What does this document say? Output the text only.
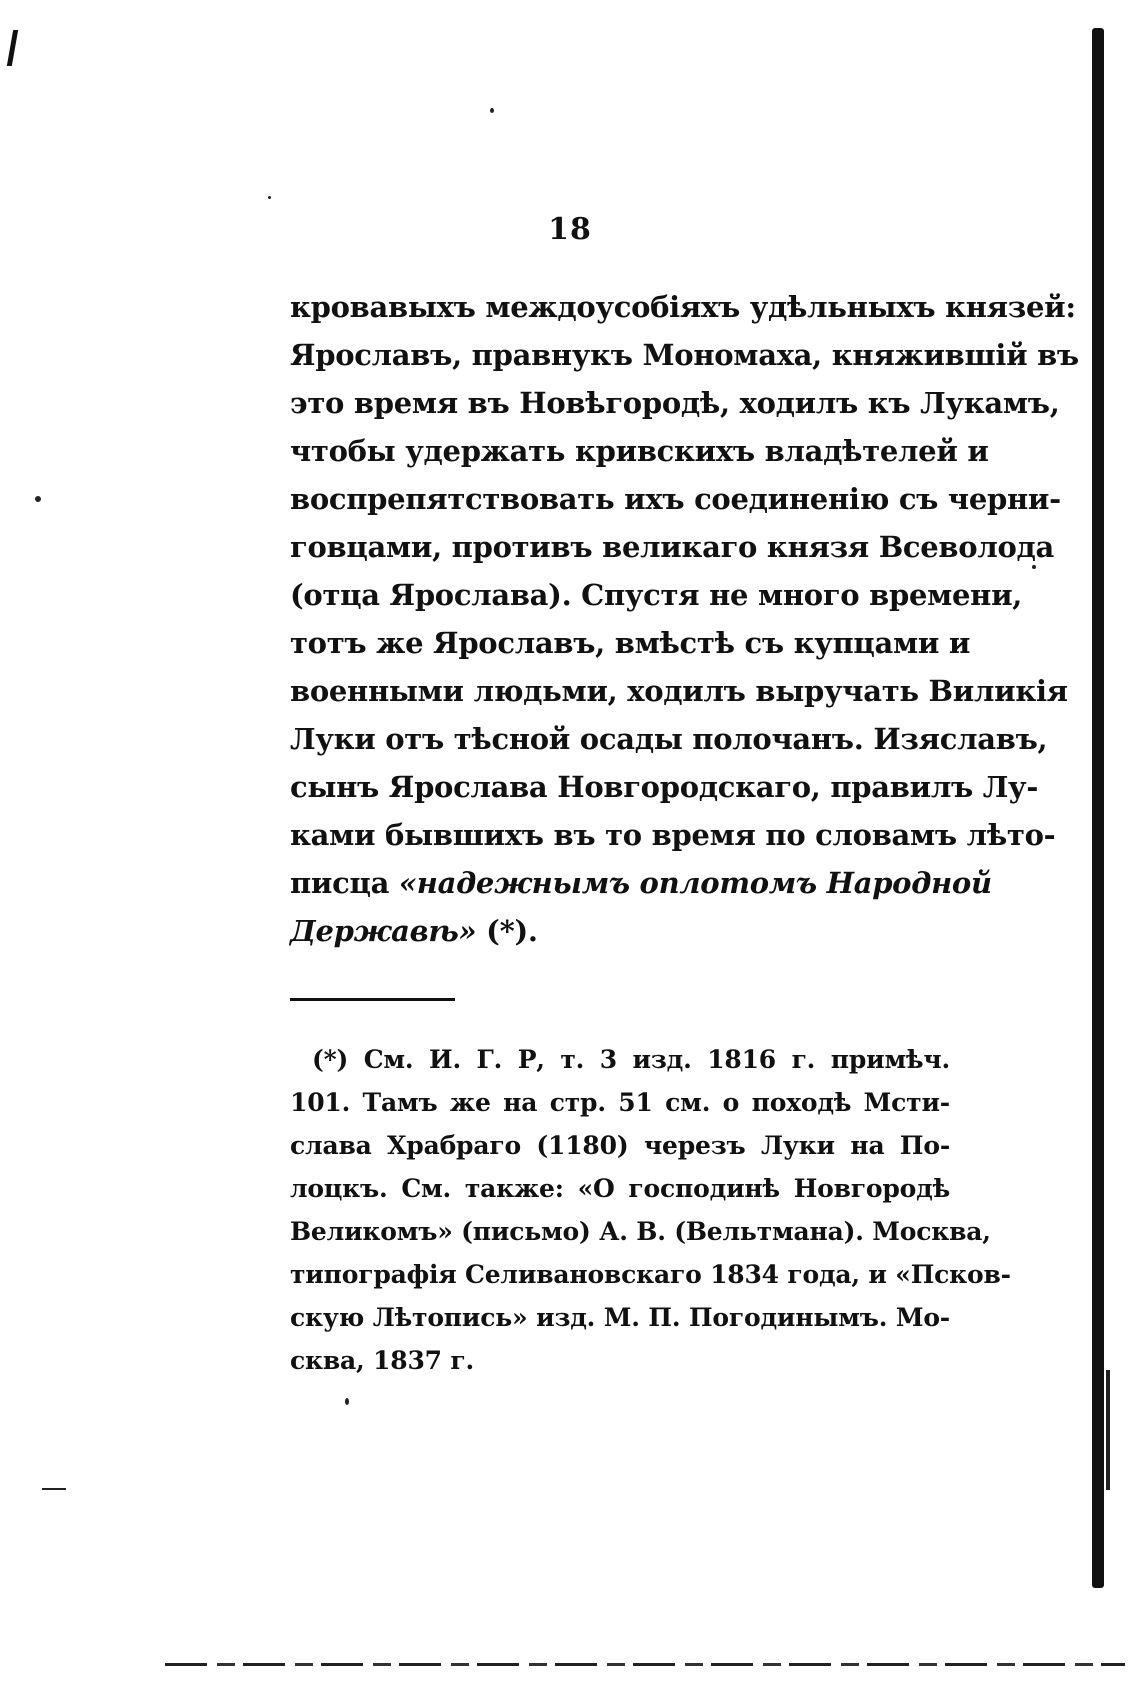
18
кровавыхъ междоусобіяхъ удѣльныхъ князей:
Ярославъ, правнукъ Мономаха, княжившій въ
это время въ Новѣгородѣ, ходилъ къ Лукамъ,
чтобы удержать кривскихъ владѣтелей и
воспрепятствовать ихъ соединенію съ черни-
говцами, противъ великаго князя Всеволода
(отца Ярослава). Спустя не много времени,
тотъ же Ярославъ, вмѣстѣ съ купцами и
военными людьми, ходилъ выручать Виликія
Луки отъ тѣсной осады полочанъ. Изяславъ,
сынъ Ярослава Новгородскаго, правилъ Лу-
ками бывшихъ въ то время по словамъ лѣто-
писца «надежнымъ оплотомъ Народной
Державѣ» (*).
(*) См. И. Г. Р, т. 3 изд. 1816 г. примѣч.
101. Тамъ же на стр. 51 см. о походѣ Мсти-
слава Храбраго (1180) черезъ Луки на По-
лоцкъ. См. также: «О господинѣ Новгородѣ
Великомъ» (письмо) А. В. (Вельтмана). Москва,
типографія Селивановскаго 1834 года, и «Псков-
скую Лѣтопись» изд. М. П. Погодинымъ. Мо-
сква, 1837 г.
